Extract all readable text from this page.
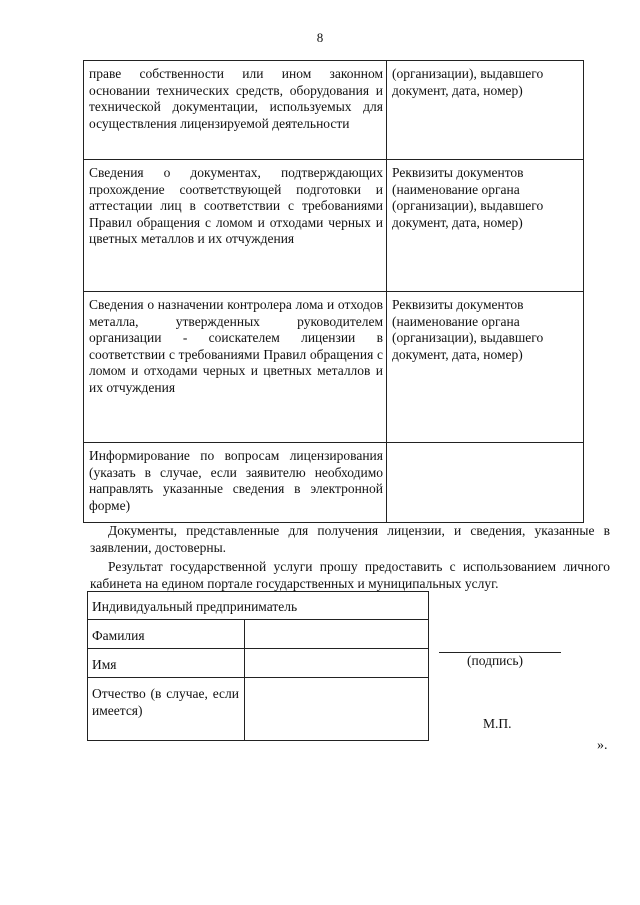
8
праве собственности или ином законном основании технических средств, оборудования и технической документации, используемых для осуществления лицензируемой деятельности	(организации), выдавшего документ, дата, номер)
Сведения о документах, подтверждающих прохождение соответствующей подготовки и аттестации лиц в соответствии с требованиями Правил обращения с ломом и отходами черных и цветных металлов и их отчуждения	Реквизиты документов (наименование органа (организации), выдавшего документ, дата, номер)
Сведения о назначении контролера лома и отходов металла, утвержденных руководителем организации - соискателем лицензии в соответствии с требованиями Правил обращения с ломом и отходами черных и цветных металлов и их отчуждения	Реквизиты документов (наименование органа (организации), выдавшего документ, дата, номер)
Информирование по вопросам лицензирования (указать в случае, если заявителю необходимо направлять указанные сведения в электронной форме)	
Документы, представленные для получения лицензии, и сведения, указанные в заявлении, достоверны.
Результат государственной услуги прошу предоставить с использованием личного кабинета на едином портале государственных и муниципальных услуг.
Индивидуальный предприниматель
Фамилия
Имя
Отчество (в случае, если имеется)
(подпись)
М.П.
».
